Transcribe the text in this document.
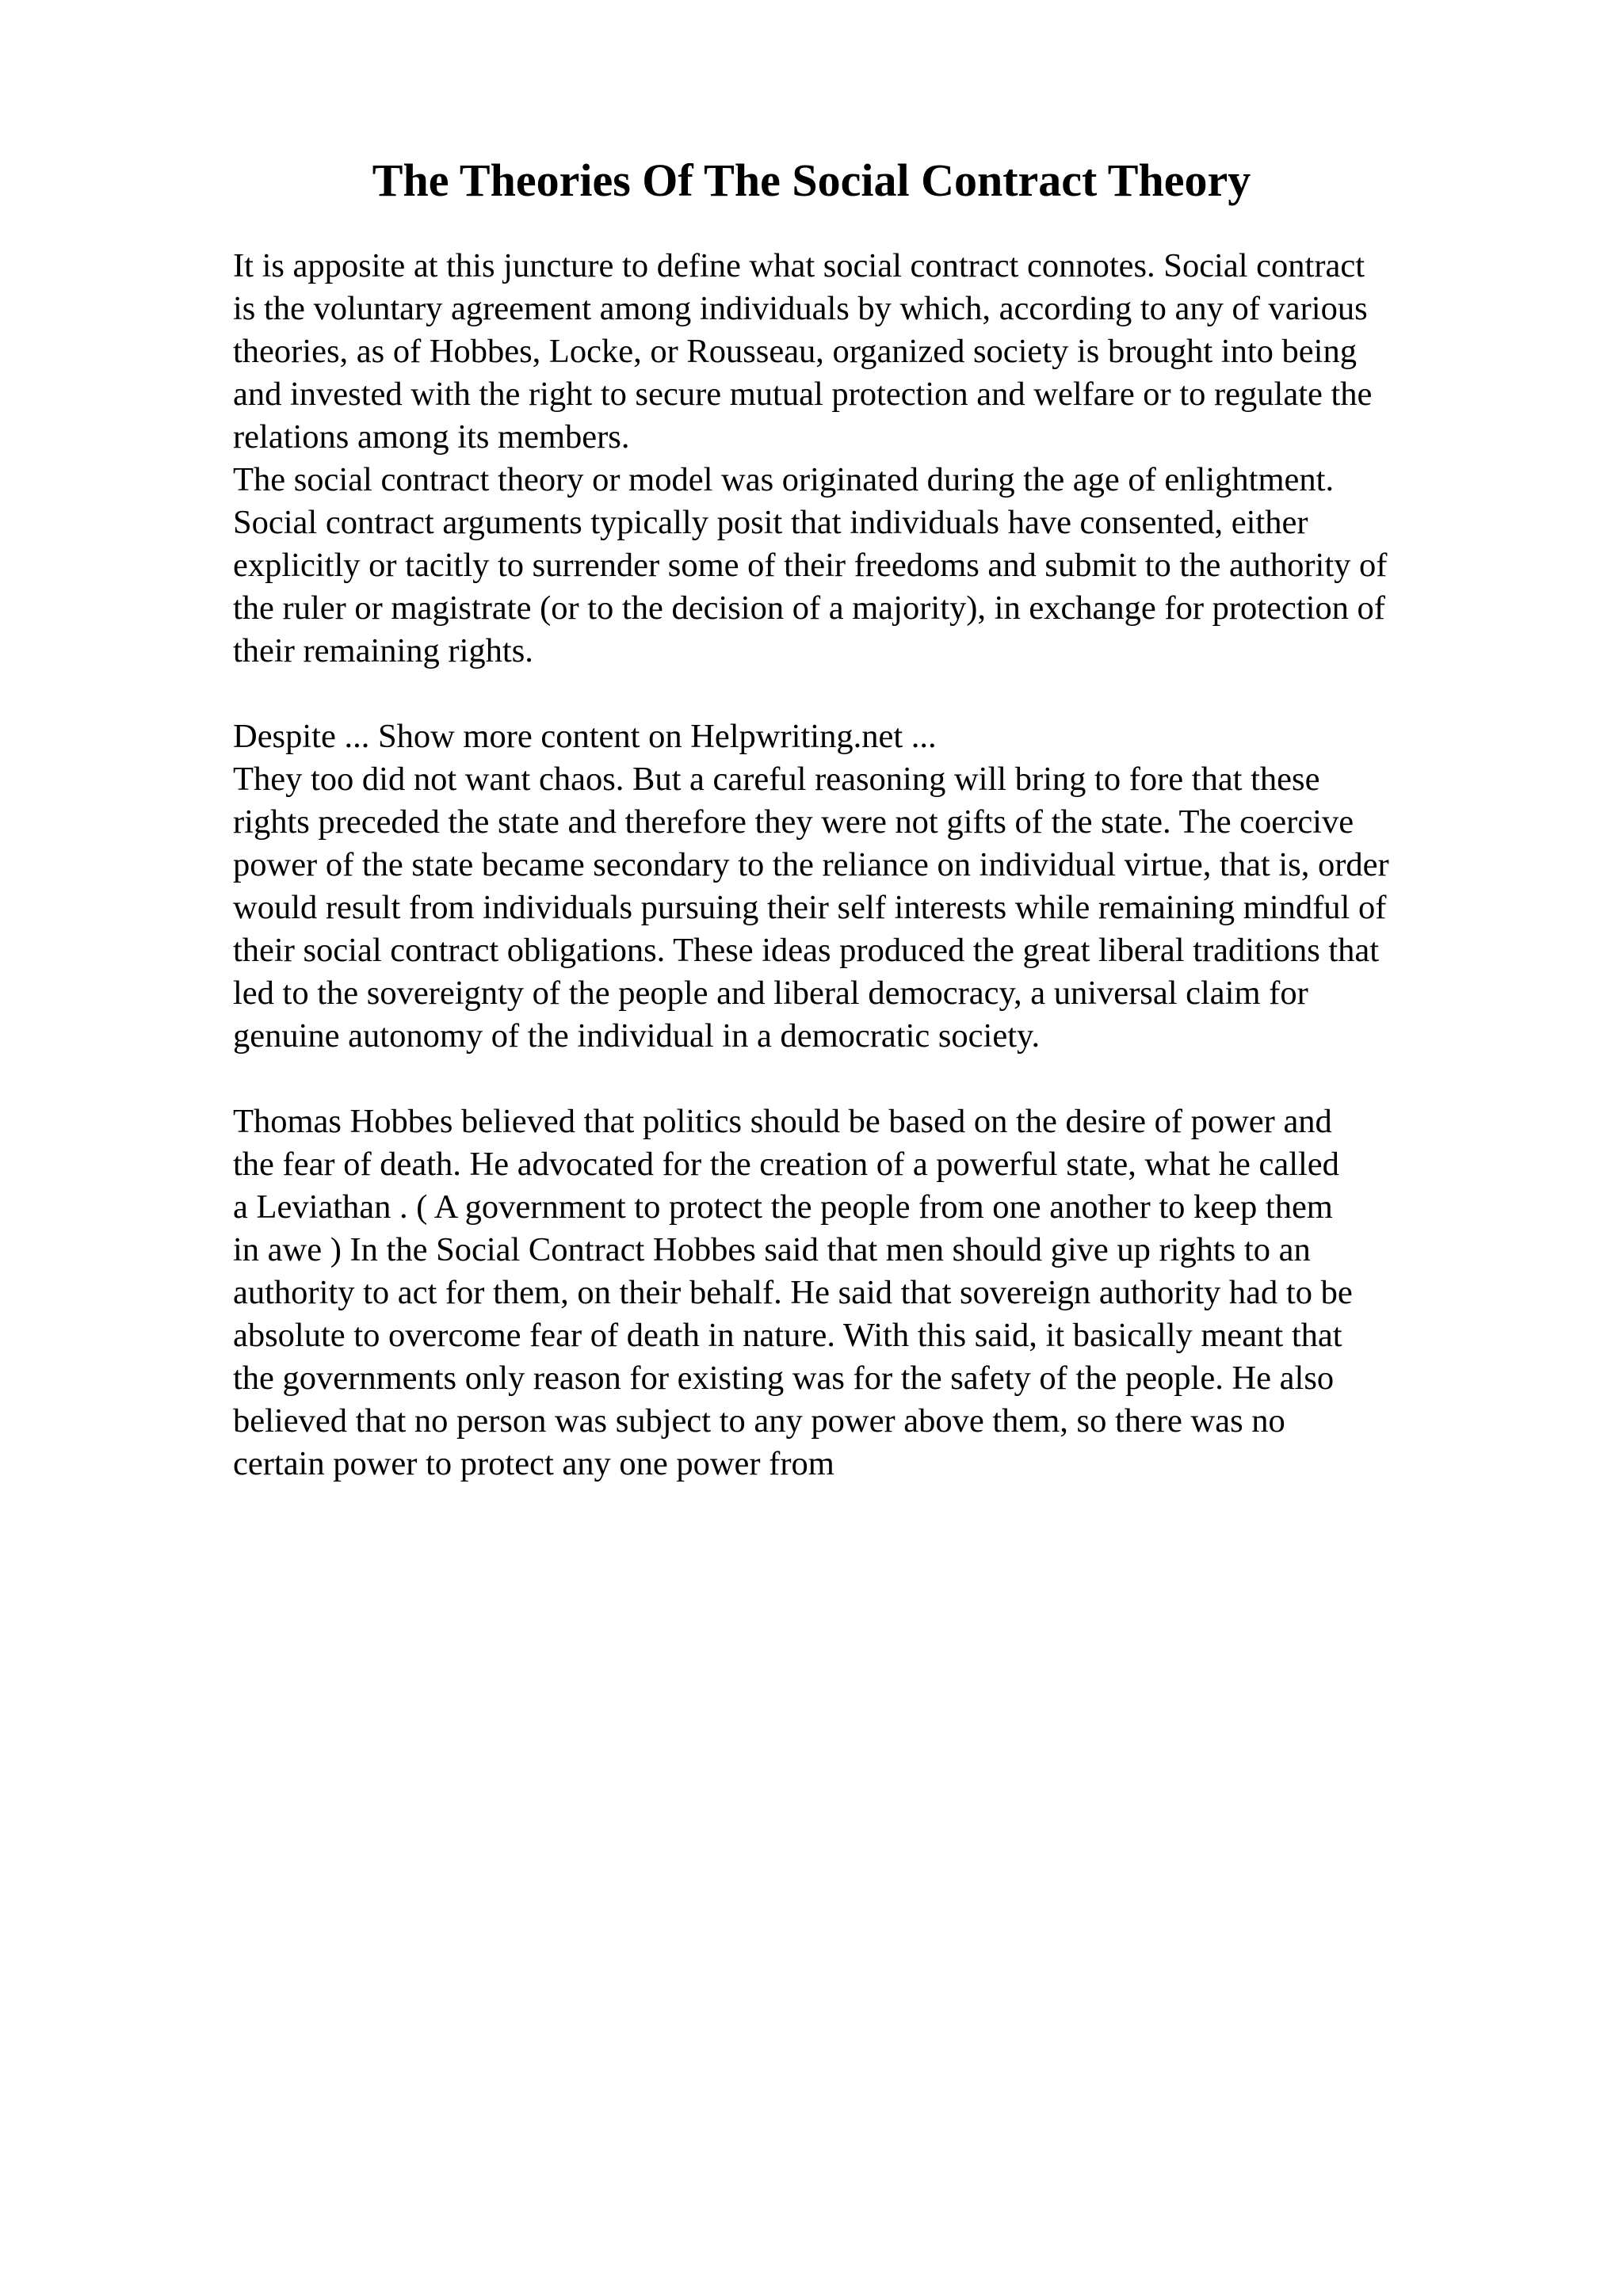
The Theories Of The Social Contract Theory
It is apposite at this juncture to define what social contract connotes. Social contract
is the voluntary agreement among individuals by which, according to any of various
theories, as of Hobbes, Locke, or Rousseau, organized society is brought into being
and invested with the right to secure mutual protection and welfare or to regulate the
relations among its members.
The social contract theory or model was originated during the age of enlightment.
Social contract arguments typically posit that individuals have consented, either
explicitly or tacitly to surrender some of their freedoms and submit to the authority of
the ruler or magistrate (or to the decision of a majority), in exchange for protection of
their remaining rights.
Despite ... Show more content on Helpwriting.net ...
They too did not want chaos. But a careful reasoning will bring to fore that these
rights preceded the state and therefore they were not gifts of the state. The coercive
power of the state became secondary to the reliance on individual virtue, that is, order
would result from individuals pursuing their self interests while remaining mindful of
their social contract obligations. These ideas produced the great liberal traditions that
led to the sovereignty of the people and liberal democracy, a universal claim for
genuine autonomy of the individual in a democratic society.
Thomas Hobbes believed that politics should be based on the desire of power and
the fear of death. He advocated for the creation of a powerful state, what he called
a Leviathan . ( A government to protect the people from one another to keep them
in awe ) In the Social Contract Hobbes said that men should give up rights to an
authority to act for them, on their behalf. He said that sovereign authority had to be
absolute to overcome fear of death in nature. With this said, it basically meant that
the governments only reason for existing was for the safety of the people. He also
believed that no person was subject to any power above them, so there was no
certain power to protect any one power from
